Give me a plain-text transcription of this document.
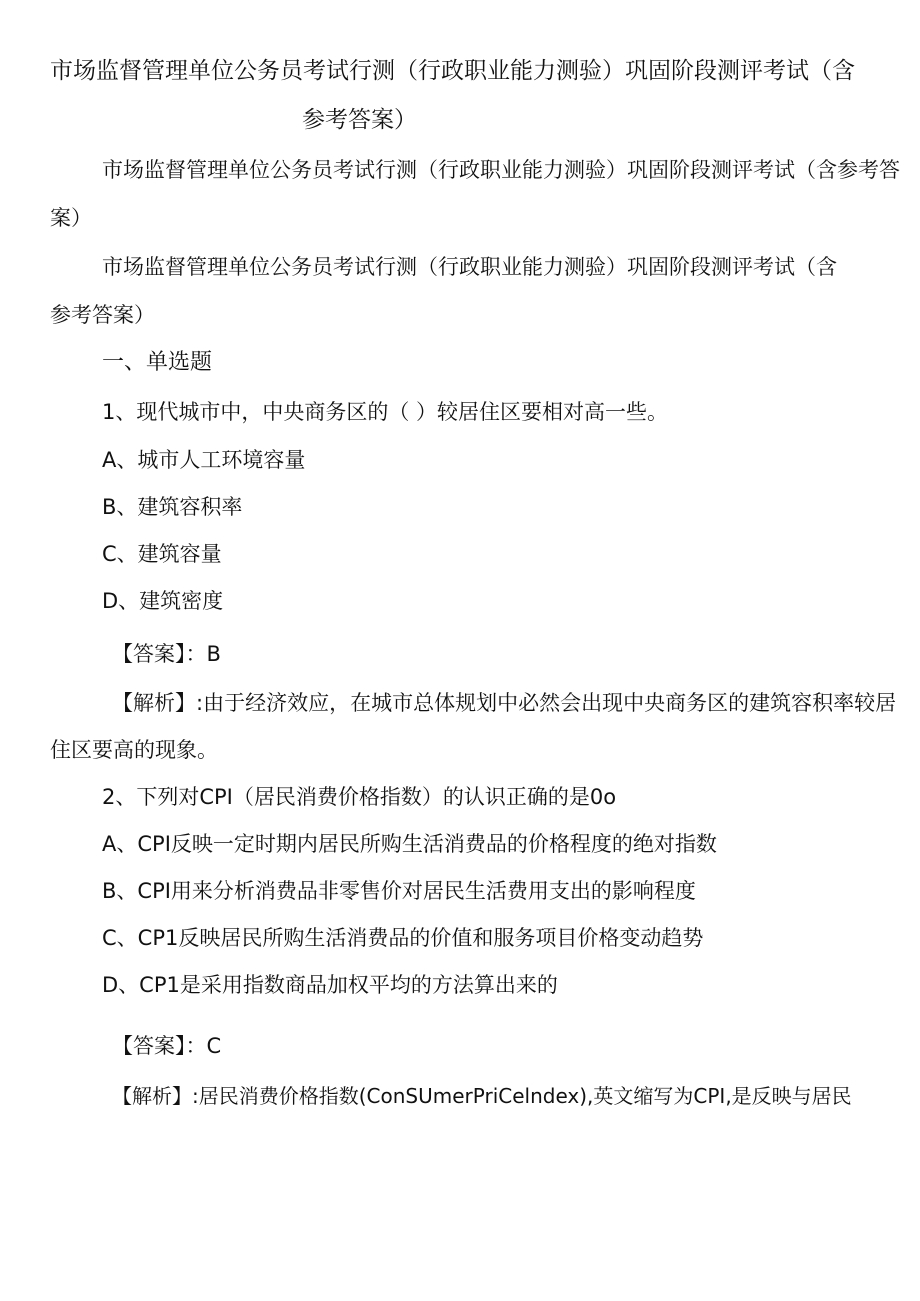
市场监督管理单位公务员考试行测（行政职业能力测验）巩固阶段测评考试（含
参考答案）
市场监督管理单位公务员考试行测（行政职业能力测验）巩固阶段测评考试（含参考答
案）
市场监督管理单位公务员考试行测（行政职业能力测验）巩固阶段测评考试（含
参考答案）
一、单选题
1、现代城市中，中央商务区的（ ）较居住区要相对高一些。
A、城市人工环境容量
B、建筑容积率
C、建筑容量
D、建筑密度
【答案】：B
【解析】:由于经济效应，在城市总体规划中必然会出现中央商务区的建筑容积率较居
住区要高的现象。
2、下列对CPI（居民消费价格指数）的认识正确的是0o
A、CPI反映一定时期内居民所购生活消费品的价格程度的绝对指数
B、CPI用来分析消费品非零售价对居民生活费用支出的影响程度
C、CP1反映居民所购生活消费品的价值和服务项目价格变动趋势
D、CP1是采用指数商品加权平均的方法算出来的
【答案】：C
【解析】:居民消费价格指数(ConSUmerPriCelndex),英文缩写为CPI,是反映与居民
